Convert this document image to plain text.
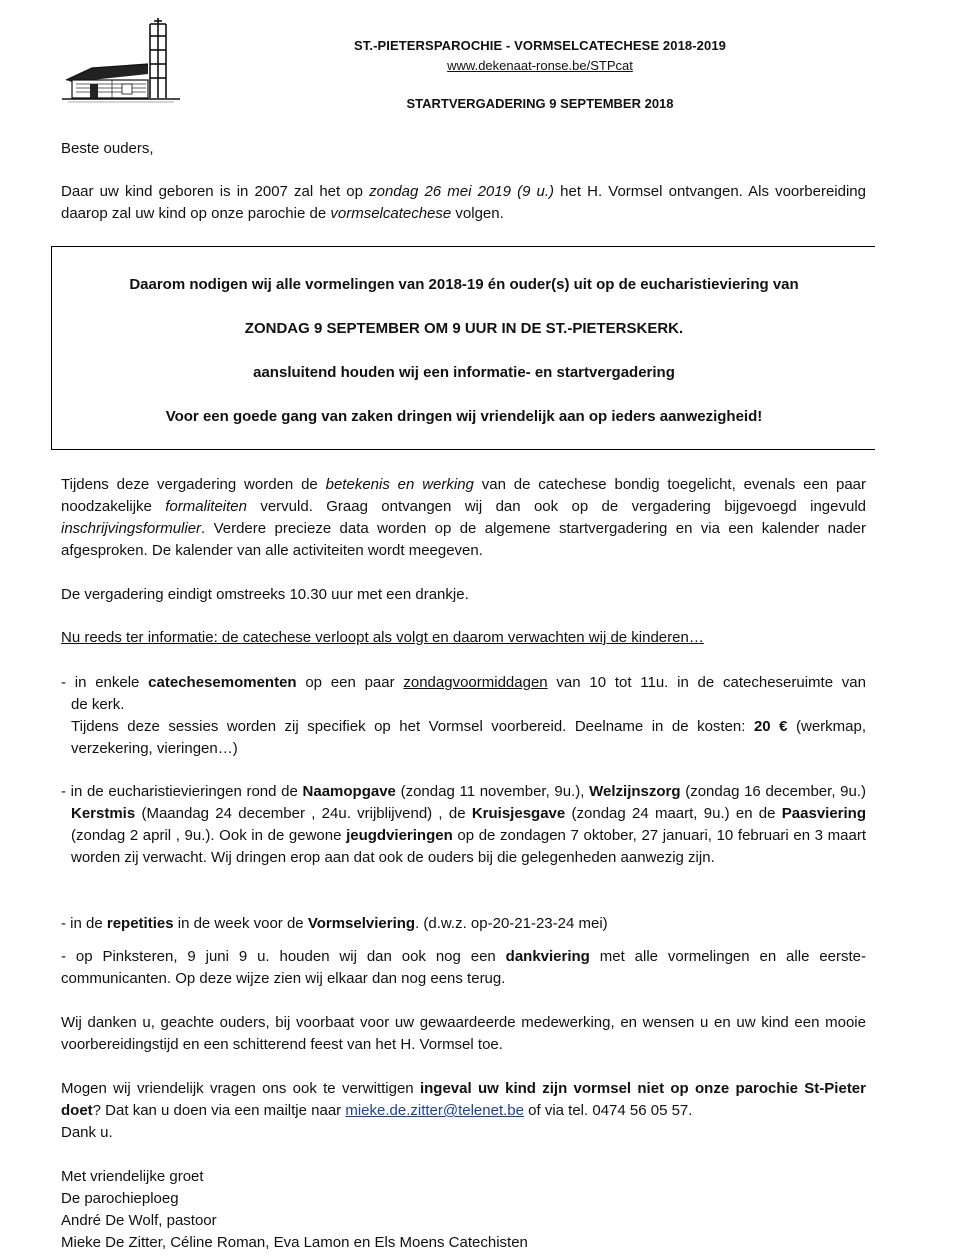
ST.-PIETERSPAROCHIE - VORMSELCATECHESE 2018-2019
www.dekenaat-ronse.be/STPcat
STARTVERGADERING 9 SEPTEMBER 2018

Beste ouders,

Daar uw kind geboren is in 2007 zal het op zondag 26 mei 2019 (9 u.) het H. Vormsel ontvangen. Als voorbereiding daarop zal uw kind op onze parochie de vormselcatechese volgen.

Daarom nodigen wij alle vormelingen van 2018-19 én ouder(s) uit op de eucharistieviering van
ZONDAG 9 SEPTEMBER OM 9 UUR IN DE ST.-PIETERSKERK.
aansluitend houden wij een informatie- en startvergadering
Voor een goede gang van zaken dringen wij vriendelijk aan op ieders aanwezigheid!

Tijdens deze vergadering worden de betekenis en werking van de catechese bondig toegelicht, evenals een paar noodzakelijke formaliteiten vervuld. Graag ontvangen wij dan ook op de vergadering bijgevoegd ingevuld inschrijvingsformulier. Verdere precieze data worden op de algemene startvergadering en via een kalender nader afgesproken. De kalender van alle activiteiten wordt meegeven.

De vergadering eindigt omstreeks 10.30 uur met een drankje.

Nu reeds ter informatie: de catechese verloopt als volgt en daarom verwachten wij de kinderen…

- in enkele catechesemomenten op een paar zondagvoormiddagen van 10 tot 11u. in de catecheseruimte van
de kerk.
Tijdens deze sessies worden zij specifiek op het Vormsel voorbereid. Deelname in de kosten: 20 € (werkmap,
verzekering, vieringen…)

- in de eucharistievieringen rond de Naamopgave (zondag 11 november, 9u.), Welzijnszorg (zondag 16 december, 9u.) Kerstmis (Maandag 24 december , 24u. vrijblijvend) , de Kruisjesgave (zondag 24 maart, 9u.) en de Paasviering (zondag 2 april , 9u.). Ook in de gewone jeugdvieringen op de zondagen 7 oktober, 27 januari, 10 februari en 3 maart worden zij verwacht. Wij dringen erop aan dat ook de ouders bij die gelegenheden aanwezig zijn.

- in de repetities in de week voor de Vormselviering. (d.w.z. op-20-21-23-24 mei)

- op Pinksteren, 9 juni 9 u. houden wij dan ook nog een dankviering met alle vormelingen en alle eerste-communicanten. Op deze wijze zien wij elkaar dan nog eens terug.

Wij danken u, geachte ouders, bij voorbaat voor uw gewaardeerde medewerking, en wensen u en uw kind een mooie voorbereidingstijd en een schitterend feest van het H. Vormsel toe.

Mogen wij vriendelijk vragen ons ook te verwittigen ingeval uw kind zijn vormsel niet op onze parochie St-Pieter doet? Dat kan u doen via een mailtje naar mieke.de.zitter@telenet.be of via tel. 0474 56 05 57.
Dank u.
Met vriendelijke groet
De parochieploeg
André De Wolf, pastoor
Mieke De Zitter, Céline Roman, Eva Lamon en Els Moens Catechisten
